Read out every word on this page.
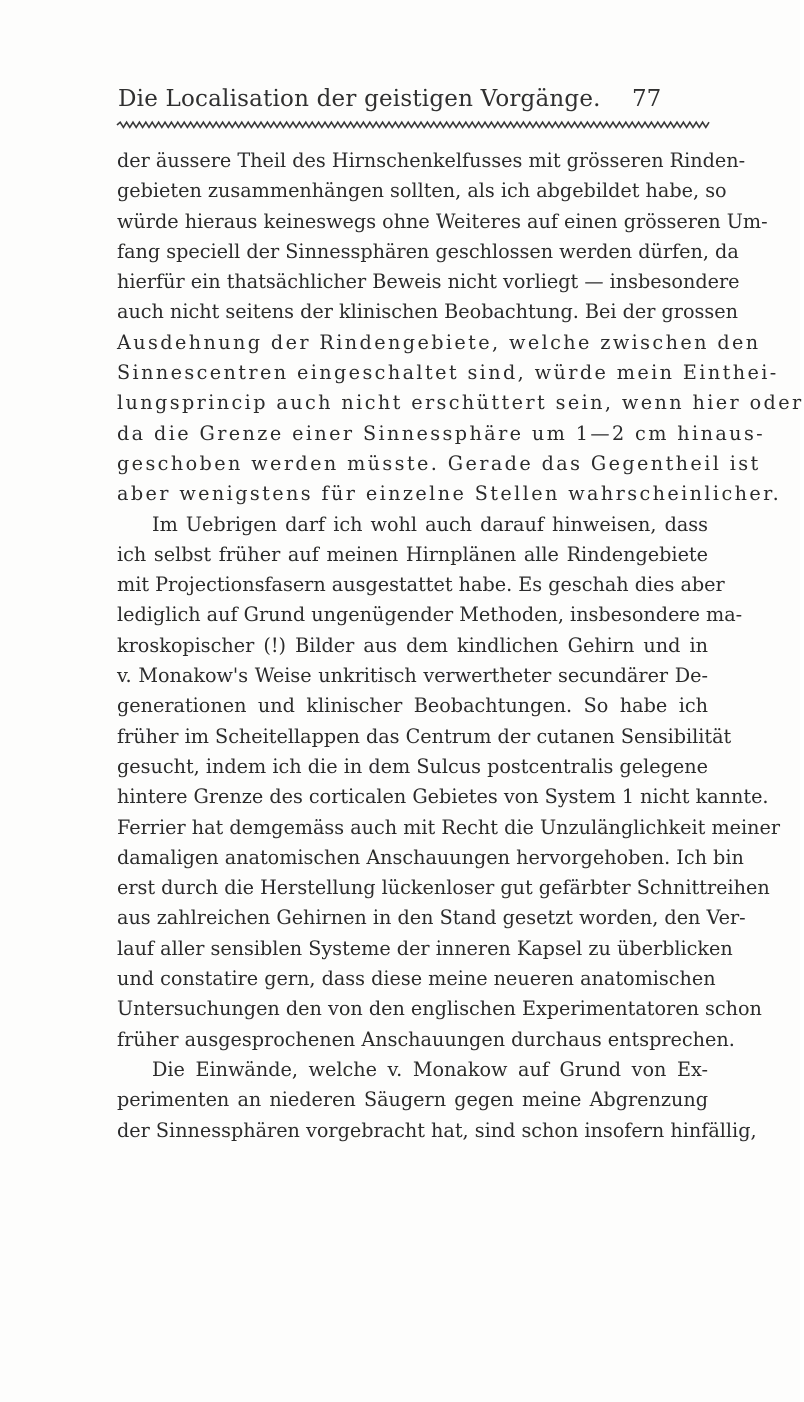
Die Localisation der geistigen Vorgänge. 77
der äussere Theil des Hirnschenkelfusses mit grösseren Rinden-
gebieten zusammenhängen sollten, als ich abgebildet habe, so
würde hieraus keineswegs ohne Weiteres auf einen grösseren Um-
fang speciell der Sinnessphären geschlossen werden dürfen, da
hierfür ein thatsächlicher Beweis nicht vorliegt — insbesondere
auch nicht seitens der klinischen Beobachtung. Bei der grossen
Ausdehnung der Rindengebiete, welche zwischen den
Sinnescentren eingeschaltet sind, würde mein Einthei-
lungsprincip auch nicht erschüttert sein, wenn hier oder
da die Grenze einer Sinnessphäre um 1—2 cm hinaus-
geschoben werden müsste. Gerade das Gegentheil ist
aber wenigstens für einzelne Stellen wahrscheinlicher.
Im Uebrigen darf ich wohl auch darauf hinweisen, dass
ich selbst früher auf meinen Hirnplänen alle Rindengebiete
mit Projectionsfasern ausgestattet habe. Es geschah dies aber
lediglich auf Grund ungenügender Methoden, insbesondere ma-
kroskopischer (!) Bilder aus dem kindlichen Gehirn und in
v. Monakow's Weise unkritisch verwertheter secundärer De-
generationen und klinischer Beobachtungen. So habe ich
früher im Scheitellappen das Centrum der cutanen Sensibilität
gesucht, indem ich die in dem Sulcus postcentralis gelegene
hintere Grenze des corticalen Gebietes von System 1 nicht kannte.
Ferrier hat demgemäss auch mit Recht die Unzulänglichkeit meiner
damaligen anatomischen Anschauungen hervorgehoben. Ich bin
erst durch die Herstellung lückenloser gut gefärbter Schnittreihen
aus zahlreichen Gehirnen in den Stand gesetzt worden, den Ver-
lauf aller sensiblen Systeme der inneren Kapsel zu überblicken
und constatire gern, dass diese meine neueren anatomischen
Untersuchungen den von den englischen Experimentatoren schon
früher ausgesprochenen Anschauungen durchaus entsprechen.
Die Einwände, welche v. Monakow auf Grund von Ex-
perimenten an niederen Säugern gegen meine Abgrenzung
der Sinnessphären vorgebracht hat, sind schon insofern hinfällig,
